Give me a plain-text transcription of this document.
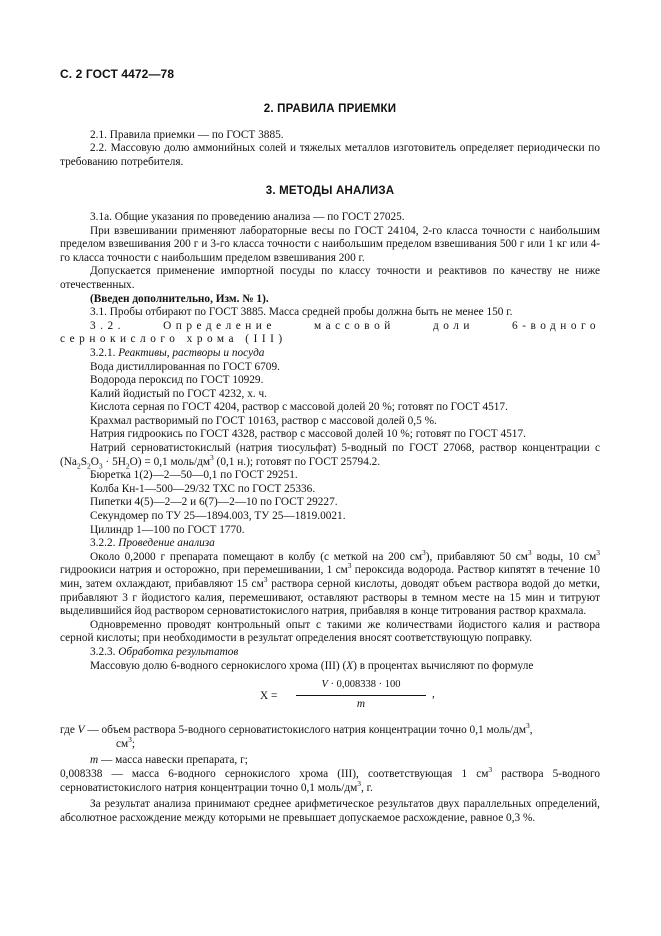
С. 2 ГОСТ 4472—78
2. ПРАВИЛА ПРИЕМКИ

2.1. Правила приемки — по ГОСТ 3885.

2.2. Массовую долю аммонийных солей и тяжелых металлов изготовитель определяет периодически по требованию потребителя.

3. МЕТОДЫ АНАЛИЗА

3.1а. Общие указания по проведению анализа — по ГОСТ 27025.

При взвешивании применяют лабораторные весы по ГОСТ 24104, 2-го класса точности с наибольшим пределом взвешивания 200 г и 3-го класса точности с наибольшим пределом взвешивания 500 г или 1 кг или 4-го класса точности с наибольшим пределом взвешивания 200 г.

Допускается применение импортной посуды по классу точности и реактивов по качеству не ниже отечественных.

(Введен дополнительно, Изм. № 1).

3.1. Пробы отбирают по ГОСТ 3885. Масса средней пробы должна быть не менее 150 г.

3.2. Определение массовой доли 6-водного сернокислого хрома (III)

3.2.1. Реактивы, растворы и посуда

Вода дистиллированная по ГОСТ 6709.

Водорода пероксид по ГОСТ 10929.

Калий йодистый по ГОСТ 4232, х. ч.

Кислота серная по ГОСТ 4204, раствор с массовой долей 20 %; готовят по ГОСТ 4517.

Крахмал растворимый по ГОСТ 10163, раствор с массовой долей 0,5 %.

Натрия гидроокись по ГОСТ 4328, раствор с массовой долей 10 %; готовят по ГОСТ 4517.

Натрий серноватистокислый (натрия тиосульфат) 5-водный по ГОСТ 27068, раствор концентрации с $(Na_2S_2O_3 \cdot 5H_2O) = 0,1$ моль/$дм^3$ (0,1 н.); готовят по ГОСТ 25794.2.

Бюретка 1(2)—2—50—0,1 по ГОСТ 29251.

Колба Кн-1—500—29/32 ТХС по ГОСТ 25336.

Пипетки 4(5)—2—2 и 6(7)—2—10 по ГОСТ 29227.

Секундомер по ТУ 25—1894.003, ТУ 25—1819.0021.

Цилиндр 1—100 по ГОСТ 1770.

3.2.2. Проведение анализа

Около 0,2000 г препарата помещают в колбу (с меткой на 200 $см^3$), прибавляют 50 $см^3$ воды, 10 $см^3$ гидроокиси натрия и осторожно, при перемешивании, 1 $см^3$ пероксида водорода. Раствор кипятят в течение 10 мин, затем охлаждают, прибавляют 15 $см^3$ раствора серной кислоты, доводят объем раствора водой до метки, прибавляют 3 г йодистого калия, перемешивают, оставляют растворы в темном месте на 15 мин и титруют выделившийся йод раствором серноватистокислого натрия, прибавляя в конце титрования раствор крахмала.

Одновременно проводят контрольный опыт с такими же количествами йодистого калия и раствора серной кислоты; при необходимости в результат определения вносят соответствующую поправку.

3.2.3. Обработка результатов

Массовую долю 6-водного сернокислого хрома (III) (X) в процентах вычисляют по формуле

X =
V · 0,008338 · 100
m
,

где V — объем раствора 5-водного серноватистокислого натрия концентрации точно 0,1 моль/$дм^3$,

$см^3$;

m — масса навески препарата, г;

0,008338 — масса 6-водного сернокислого хрома (III), соответствующая 1 $см^3$ раствора 5-водного серноватистокислого натрия концентрации точно 0,1 моль/$дм^3$, г.

За результат анализа принимают среднее арифметическое результатов двух параллельных определений, абсолютное расхождение между которыми не превышает допускаемое расхождение, равное 0,3 %.
